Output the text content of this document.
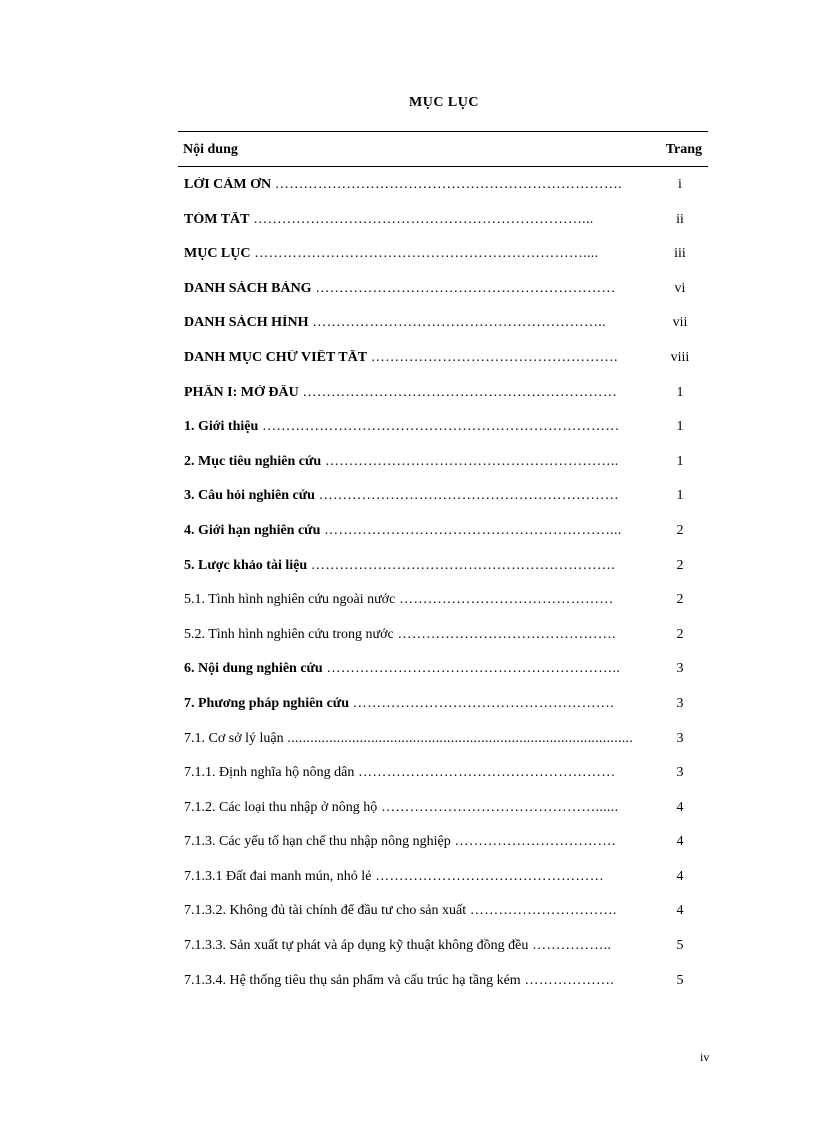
MỤC LỤC
Nội dung	Trang
LỜI CẢM ƠN ……………………………………………………………….	i
TÓM TẮT ……………………………………………………………...	ii
MỤC LỤC ……………………………………………………………....	iii
DANH SÁCH BẢNG ………………………………………………………	vi
DANH SÁCH HÌNH ……………………………………………………..	vii
DANH MỤC CHỮ VIẾT TẮT …………………………………………….	viii
PHẦN I: MỞ ĐẦU …………………………………………………………	1
1. Giới thiệu …………………………………………………………………	1
2. Mục tiêu nghiên cứu ……………………………………………………..	1
3. Câu hỏi nghiên cứu ………………………………………………………	1
4. Giới hạn nghiên cứu ……………………………………………………...	2
5. Lược khảo tài liệu ……………………………………………………….	2
5.1. Tình hình nghiên cứu ngoài nước ………………………………………	2
5.2. Tình hình nghiên cứu trong nước ……………………………………….	2
6. Nội dung nghiên cứu ……………………………………………………..	3
7. Phương pháp nghiên cứu ……………………………………………….	3
7.1. Cơ sở lý luận ...........................................................................................	3
7.1.1. Định nghĩa hộ nông dân ………………………………………………	3
7.1.2. Các loại thu nhập ở nông hộ ………………………………………......	4
7.1.3. Các yếu tố hạn chế thu nhập nông nghiệp …………………………….	4
7.1.3.1 Đất đai manh mún, nhỏ lẻ …………………………………………	4
7.1.3.2. Không đủ tài chính để đầu tư cho sản xuất ………………………….	4
7.1.3.3. Sản xuất tự phát và áp dụng kỹ thuật không đồng đều ……………..	5
7.1.3.4. Hệ thống tiêu thụ sản phẩm và cấu trúc hạ tầng kém ……………….	5
iv
